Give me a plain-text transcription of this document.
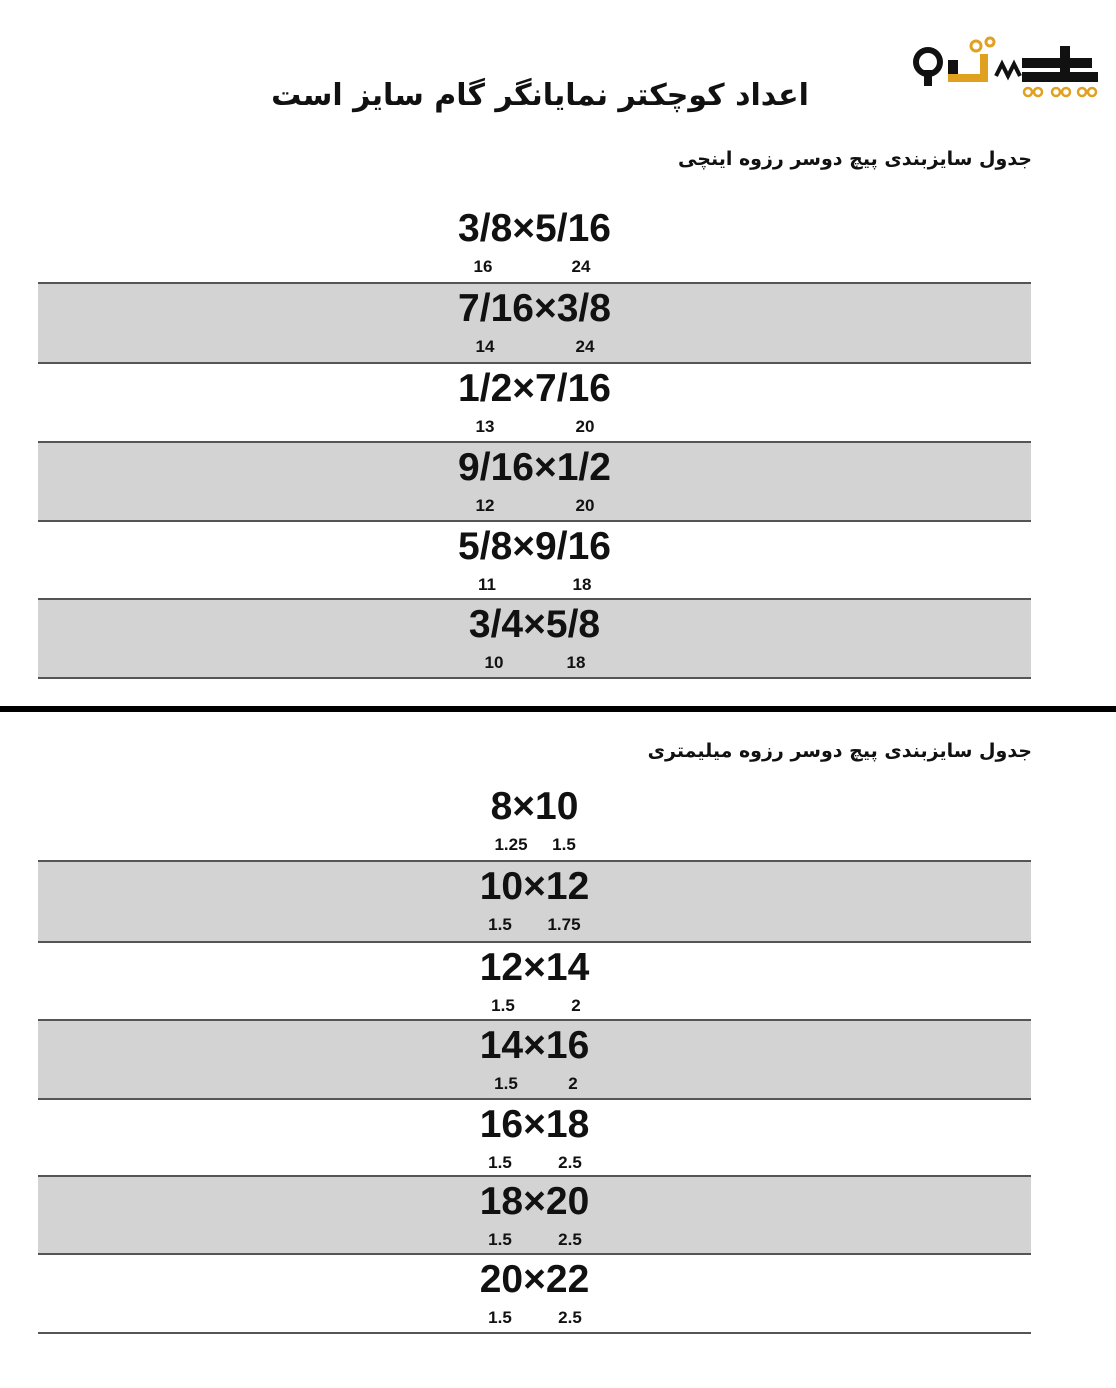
اعداد کوچکتر نمایانگر گام سایز است
جدول سایزبندی پیچ دوسر رزوه اینچی
3/8×5/16
16	24
7/16×3/8
14	24
1/2×7/16
13	20
9/16×1/2
12	20
5/8×9/16
11	18
3/4×5/8
10	18
جدول سایزبندی پیچ دوسر رزوه میلیمتری
8×10
1.25	1.5
10×12
1.5	1.75
12×14
1.5	2
14×16
1.5	2
16×18
1.5	2.5
18×20
1.5	2.5
20×22
1.5	2.5
